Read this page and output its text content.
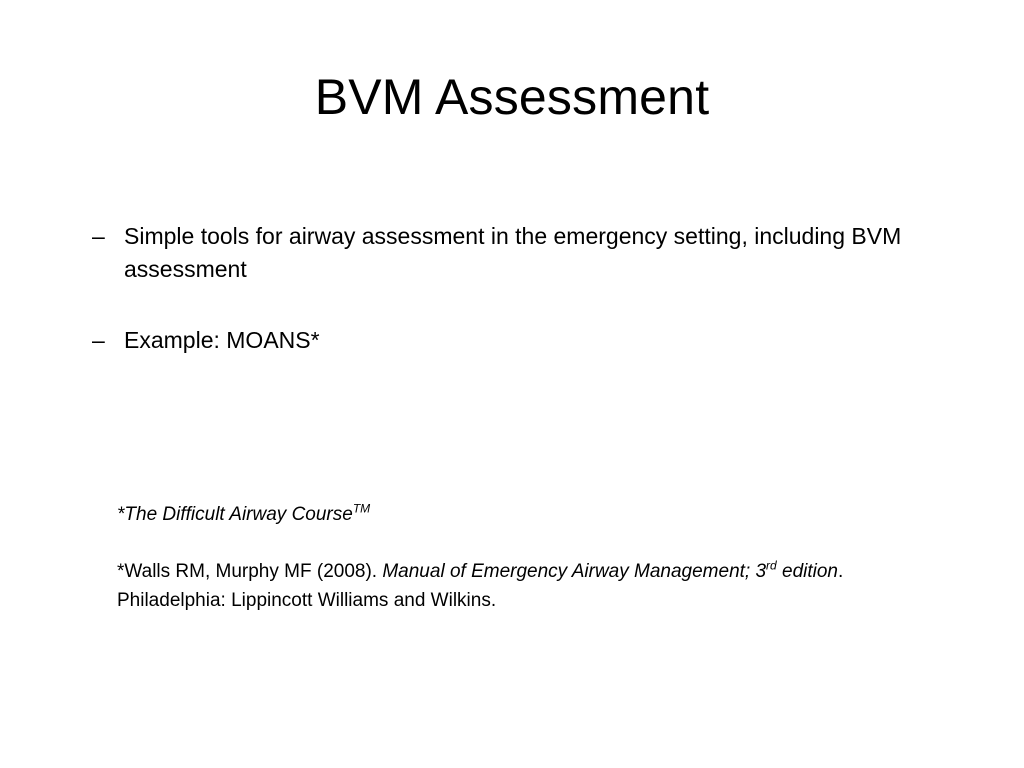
BVM Assessment
– Simple tools for airway assessment in the emergency setting, including BVM assessment
– Example: MOANS*
*The Difficult Airway Course™
*Walls RM, Murphy MF (2008). Manual of Emergency Airway Management; 3rd edition. Philadelphia: Lippincott Williams and Wilkins.
